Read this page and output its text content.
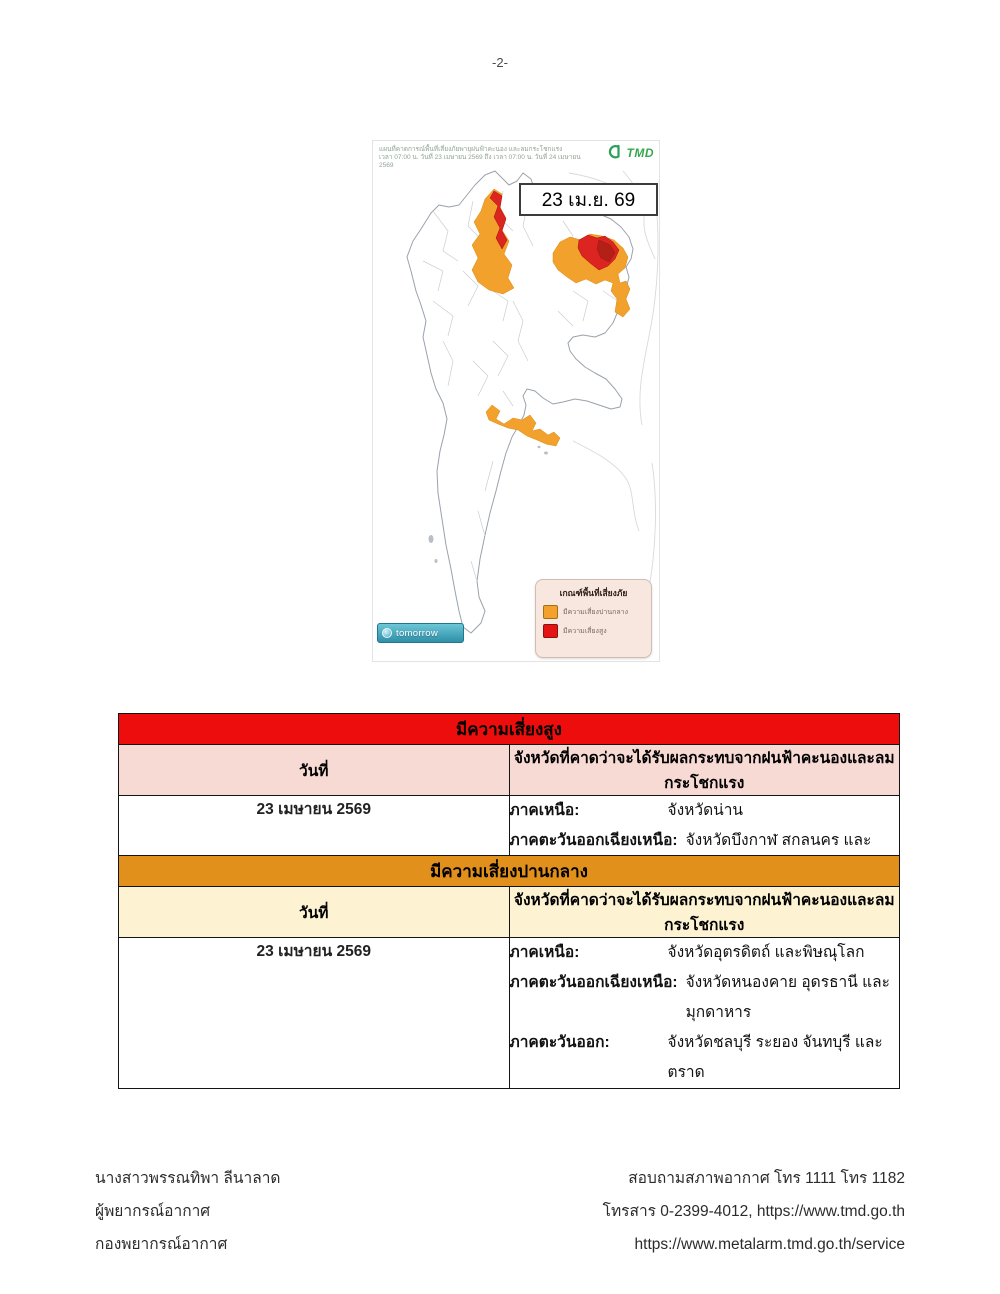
-2-
แผนที่คาดการณ์พื้นที่เสี่ยงภัยพายุฝนฟ้าคะนอง และลมกระโชกแรง
เวลา 07:00 น. วันที่ 23 เมษายน 2569 ถึง เวลา 07:00 น. วันที่ 24 เมษายน 2569
TMD
23 เม.ย. 69
เกณฑ์พื้นที่เสี่ยงภัย
มีความเสี่ยงปานกลาง
มีความเสี่ยงสูง
tomorrow
มีความเสี่ยงสูง	
วันที่	จังหวัดที่คาดว่าจะได้รับผลกระทบจากฝนฟ้าคะนองและลมกระโชกแรง
23 เมษายน 2569	ภาคเหนือ: จังหวัดน่าน
ภาคตะวันออกเฉียงเหนือ: จังหวัดบึงกาฬ สกลนคร และ
มีความเสี่ยงปานกลาง	
วันที่	จังหวัดที่คาดว่าจะได้รับผลกระทบจากฝนฟ้าคะนองและลมกระโชกแรง
23 เมษายน 2569	ภาคเหนือ:	จังหวัดอุตรดิตถ์ และพิษณุโลก
ภาคตะวันออกเฉียงเหนือ: จังหวัดหนองคาย อุดรธานี และมุกดาหาร
ภาคตะวันออก:	จังหวัดชลบุรี ระยอง จันทบุรี และตราด
นางสาวพรรณทิพา ลีนาลาด
ผู้พยากรณ์อากาศ
กองพยากรณ์อากาศ
สอบถามสภาพอากาศ โทร 1111 โทร 1182
โทรสาร 0-2399-4012, https://www.tmd.go.th
https://www.metalarm.tmd.go.th/service
